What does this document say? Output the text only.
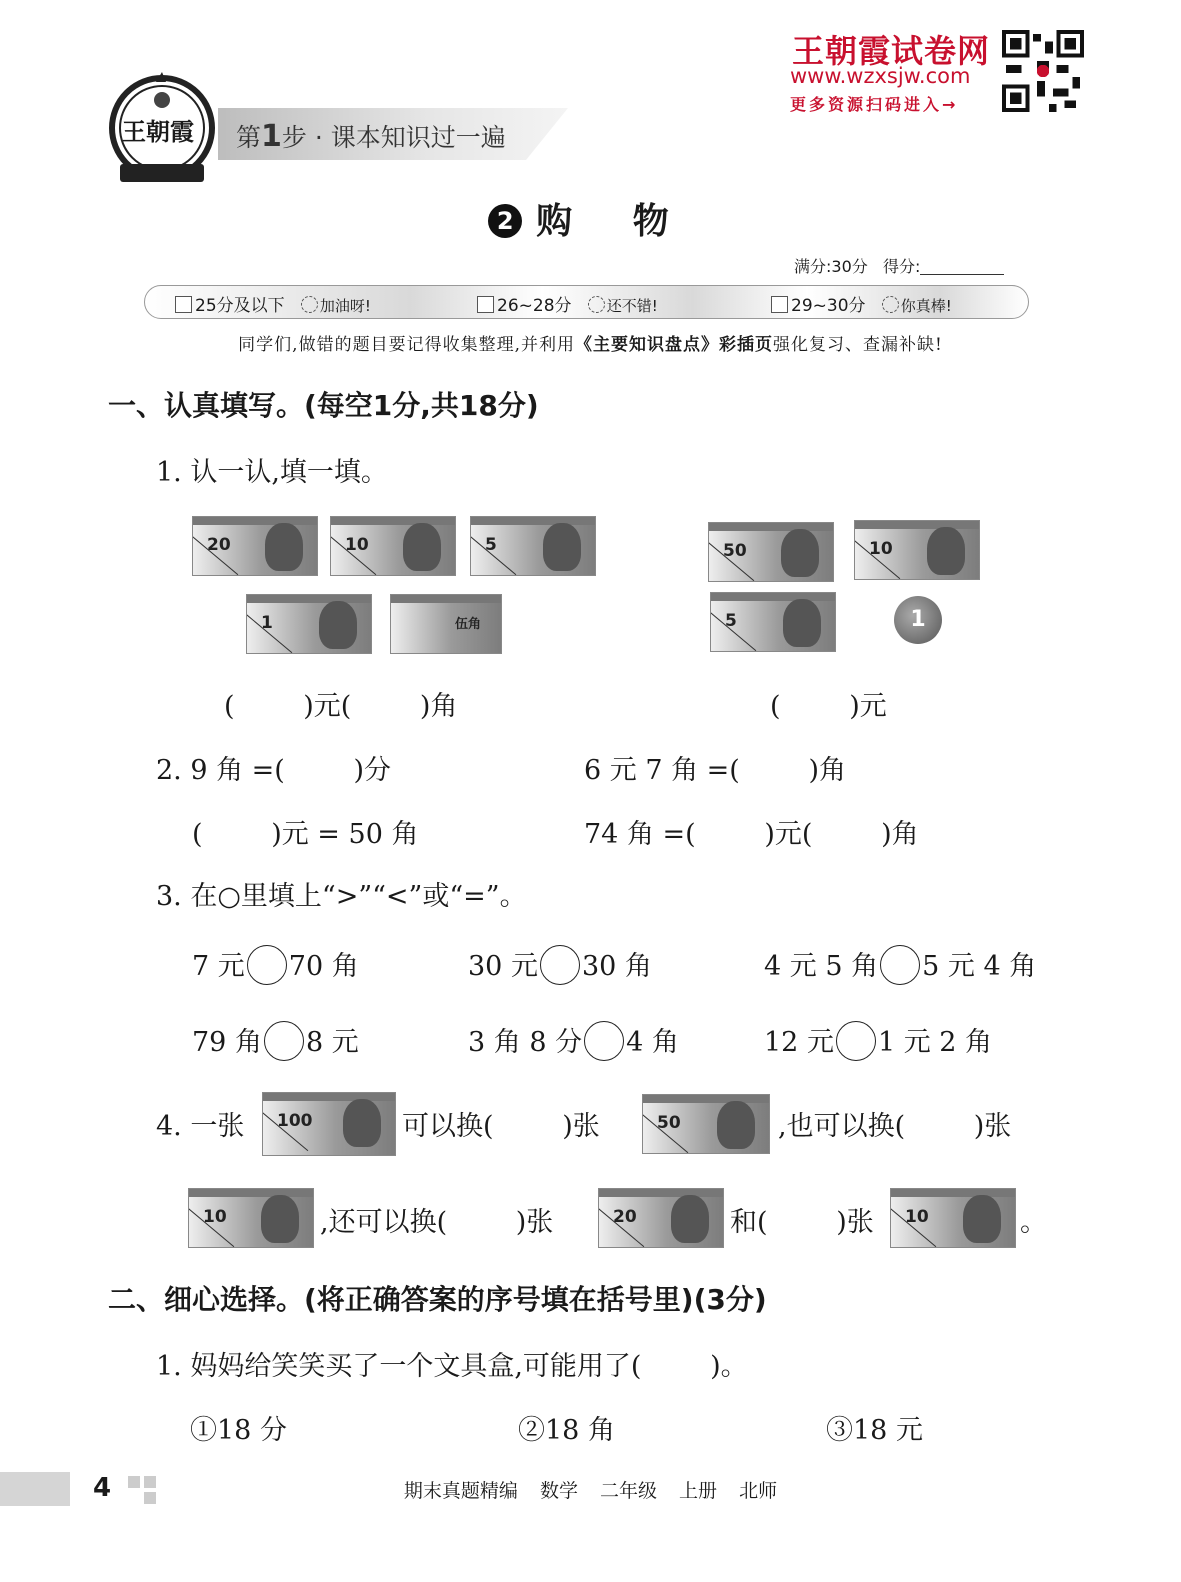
王朝霞 第1步 · 课本知识过一遍
王朝霞试卷网
www.wzxsjw.com
更多资源扫码进入→
2 购 物
满分:30分 得分:
25分及以下 加油呀!	26~28分 还不错!	29~30分 你真棒!
同学们,做错的题目要记得收集整理,并利用《主要知识盘点》彩插页强化复习、查漏补缺!
一、认真填写。(每空1分,共18分)
1. 认一认,填一填。
20	10	5
1	伍角
50	10
5	1
(        )元(        )角	(        )元
2. 9 角 =(        )分	6 元 7 角 =(        )角
(        )元 = 50 角	74 角 =(        )元(        )角
3. 在○里填上“>”“<”或“=”。
7 元 70 角	30 元 30 角	4 元 5 角 5 元 4 角
79 角 8 元	3 角 8 分 4 角	12 元 1 元 2 角
4. 一张 100	可以换(        )张	50	,也可以换(        )张
10	,还可以换(        )张	20	和(        )张 10	。
二、细心选择。(将正确答案的序号填在括号里)(3分)
1. 妈妈给笑笑买了一个文具盒,可能用了(        )。
①18 分	②18 角	③18 元
4	期末真题精编 数学 二年级 上册 北师
